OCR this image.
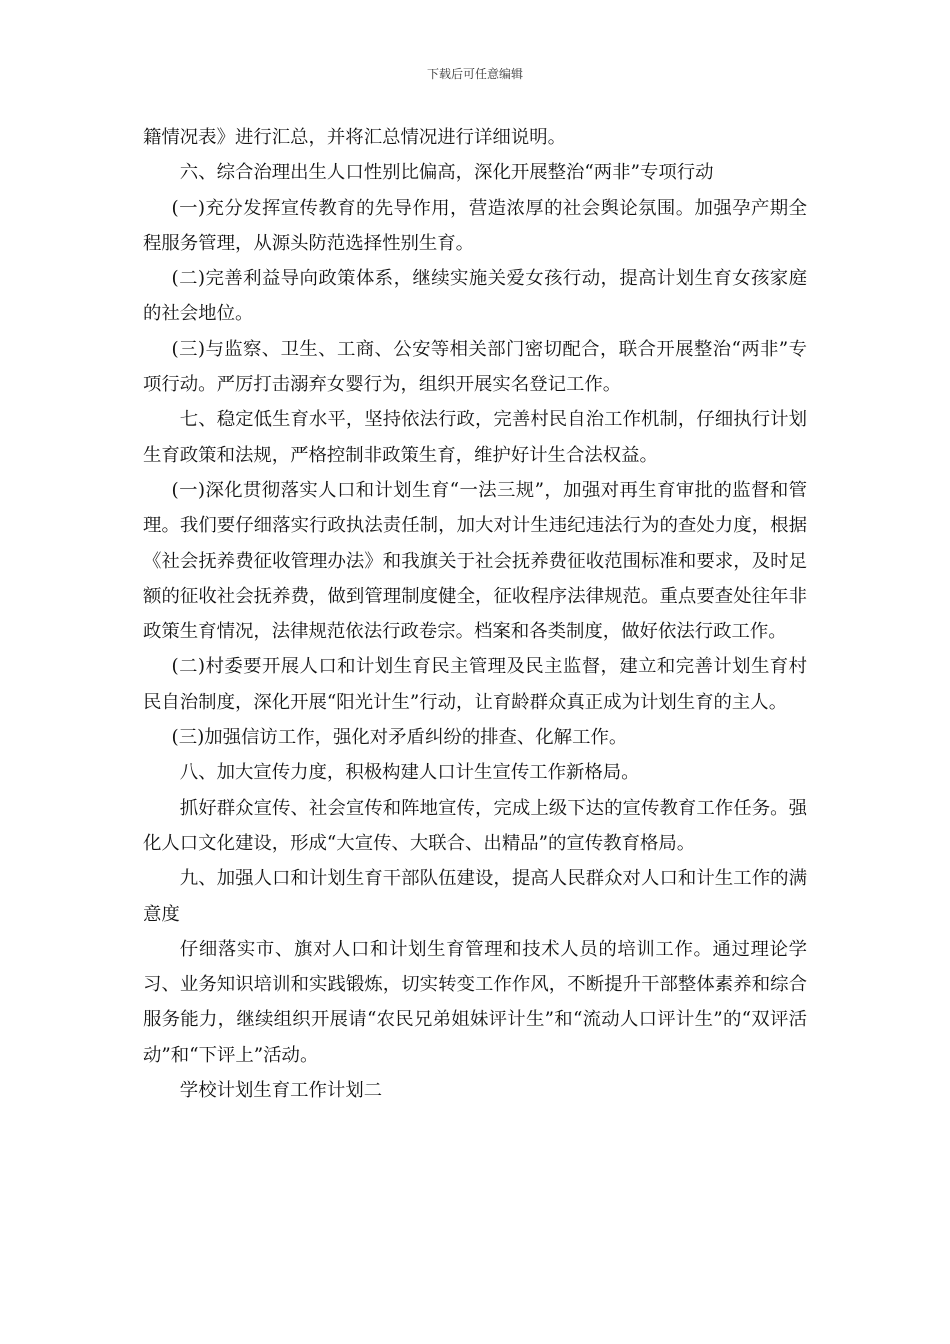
下载后可任意编辑

籍情况表》进行汇总，并将汇总情况进行详细说明。

六、综合治理出生人口性别比偏高，深化开展整治“两非”专项行动

(一)充分发挥宣传教育的先导作用，营造浓厚的社会舆论氛围。加强孕产期全程服务管理，从源头防范选择性别生育。

(二)完善利益导向政策体系，继续实施关爱女孩行动，提高计划生育女孩家庭的社会地位。

(三)与监察、卫生、工商、公安等相关部门密切配合，联合开展整治“两非”专项行动。严厉打击溺弃女婴行为，组织开展实名登记工作。

七、稳定低生育水平，坚持依法行政，完善村民自治工作机制，仔细执行计划生育政策和法规，严格控制非政策生育，维护好计生合法权益。

(一)深化贯彻落实人口和计划生育“一法三规”，加强对再生育审批的监督和管理。我们要仔细落实行政执法责任制，加大对计生违纪违法行为的查处力度，根据《社会抚养费征收管理办法》和我旗关于社会抚养费征收范围标准和要求，及时足额的征收社会抚养费，做到管理制度健全，征收程序法律规范。重点要查处往年非政策生育情况，法律规范依法行政卷宗。档案和各类制度，做好依法行政工作。

(二)村委要开展人口和计划生育民主管理及民主监督，建立和完善计划生育村民自治制度，深化开展“阳光计生”行动，让育龄群众真正成为计划生育的主人。

(三)加强信访工作，强化对矛盾纠纷的排查、化解工作。

八、加大宣传力度，积极构建人口计生宣传工作新格局。

抓好群众宣传、社会宣传和阵地宣传，完成上级下达的宣传教育工作任务。强化人口文化建设，形成“大宣传、大联合、出精品”的宣传教育格局。

九、加强人口和计划生育干部队伍建设，提高人民群众对人口和计生工作的满意度

仔细落实市、旗对人口和计划生育管理和技术人员的培训工作。通过理论学习、业务知识培训和实践锻炼，切实转变工作作风，不断提升干部整体素养和综合服务能力，继续组织开展请“农民兄弟姐妹评计生”和“流动人口评计生”的“双评活动”和“下评上”活动。

学校计划生育工作计划二
